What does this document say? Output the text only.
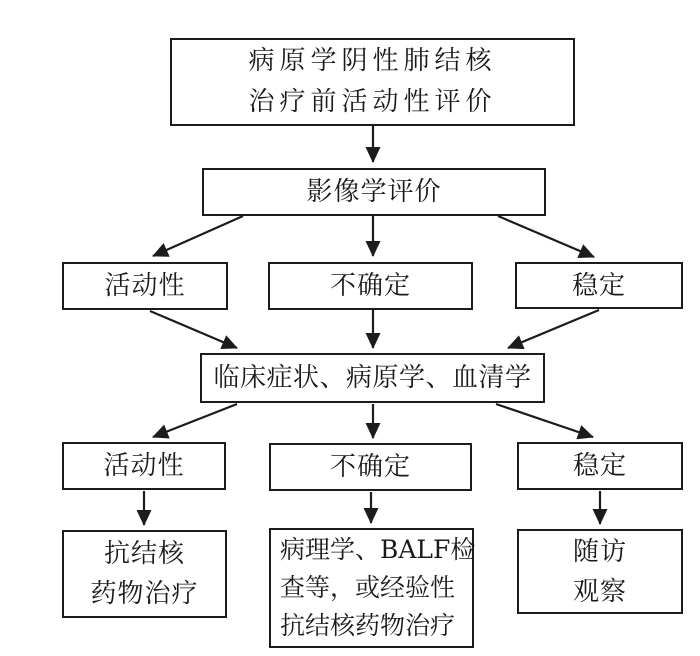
病原学阴性肺结核
治疗前活动性评价
影像学评价
活动性	不确定	稳定
临床症状、病原学、血清学
活动性	不确定	稳定
抗结核
药物治疗
病理学、BALF检
查等，或经验性
抗结核药物治疗
随访
观察
